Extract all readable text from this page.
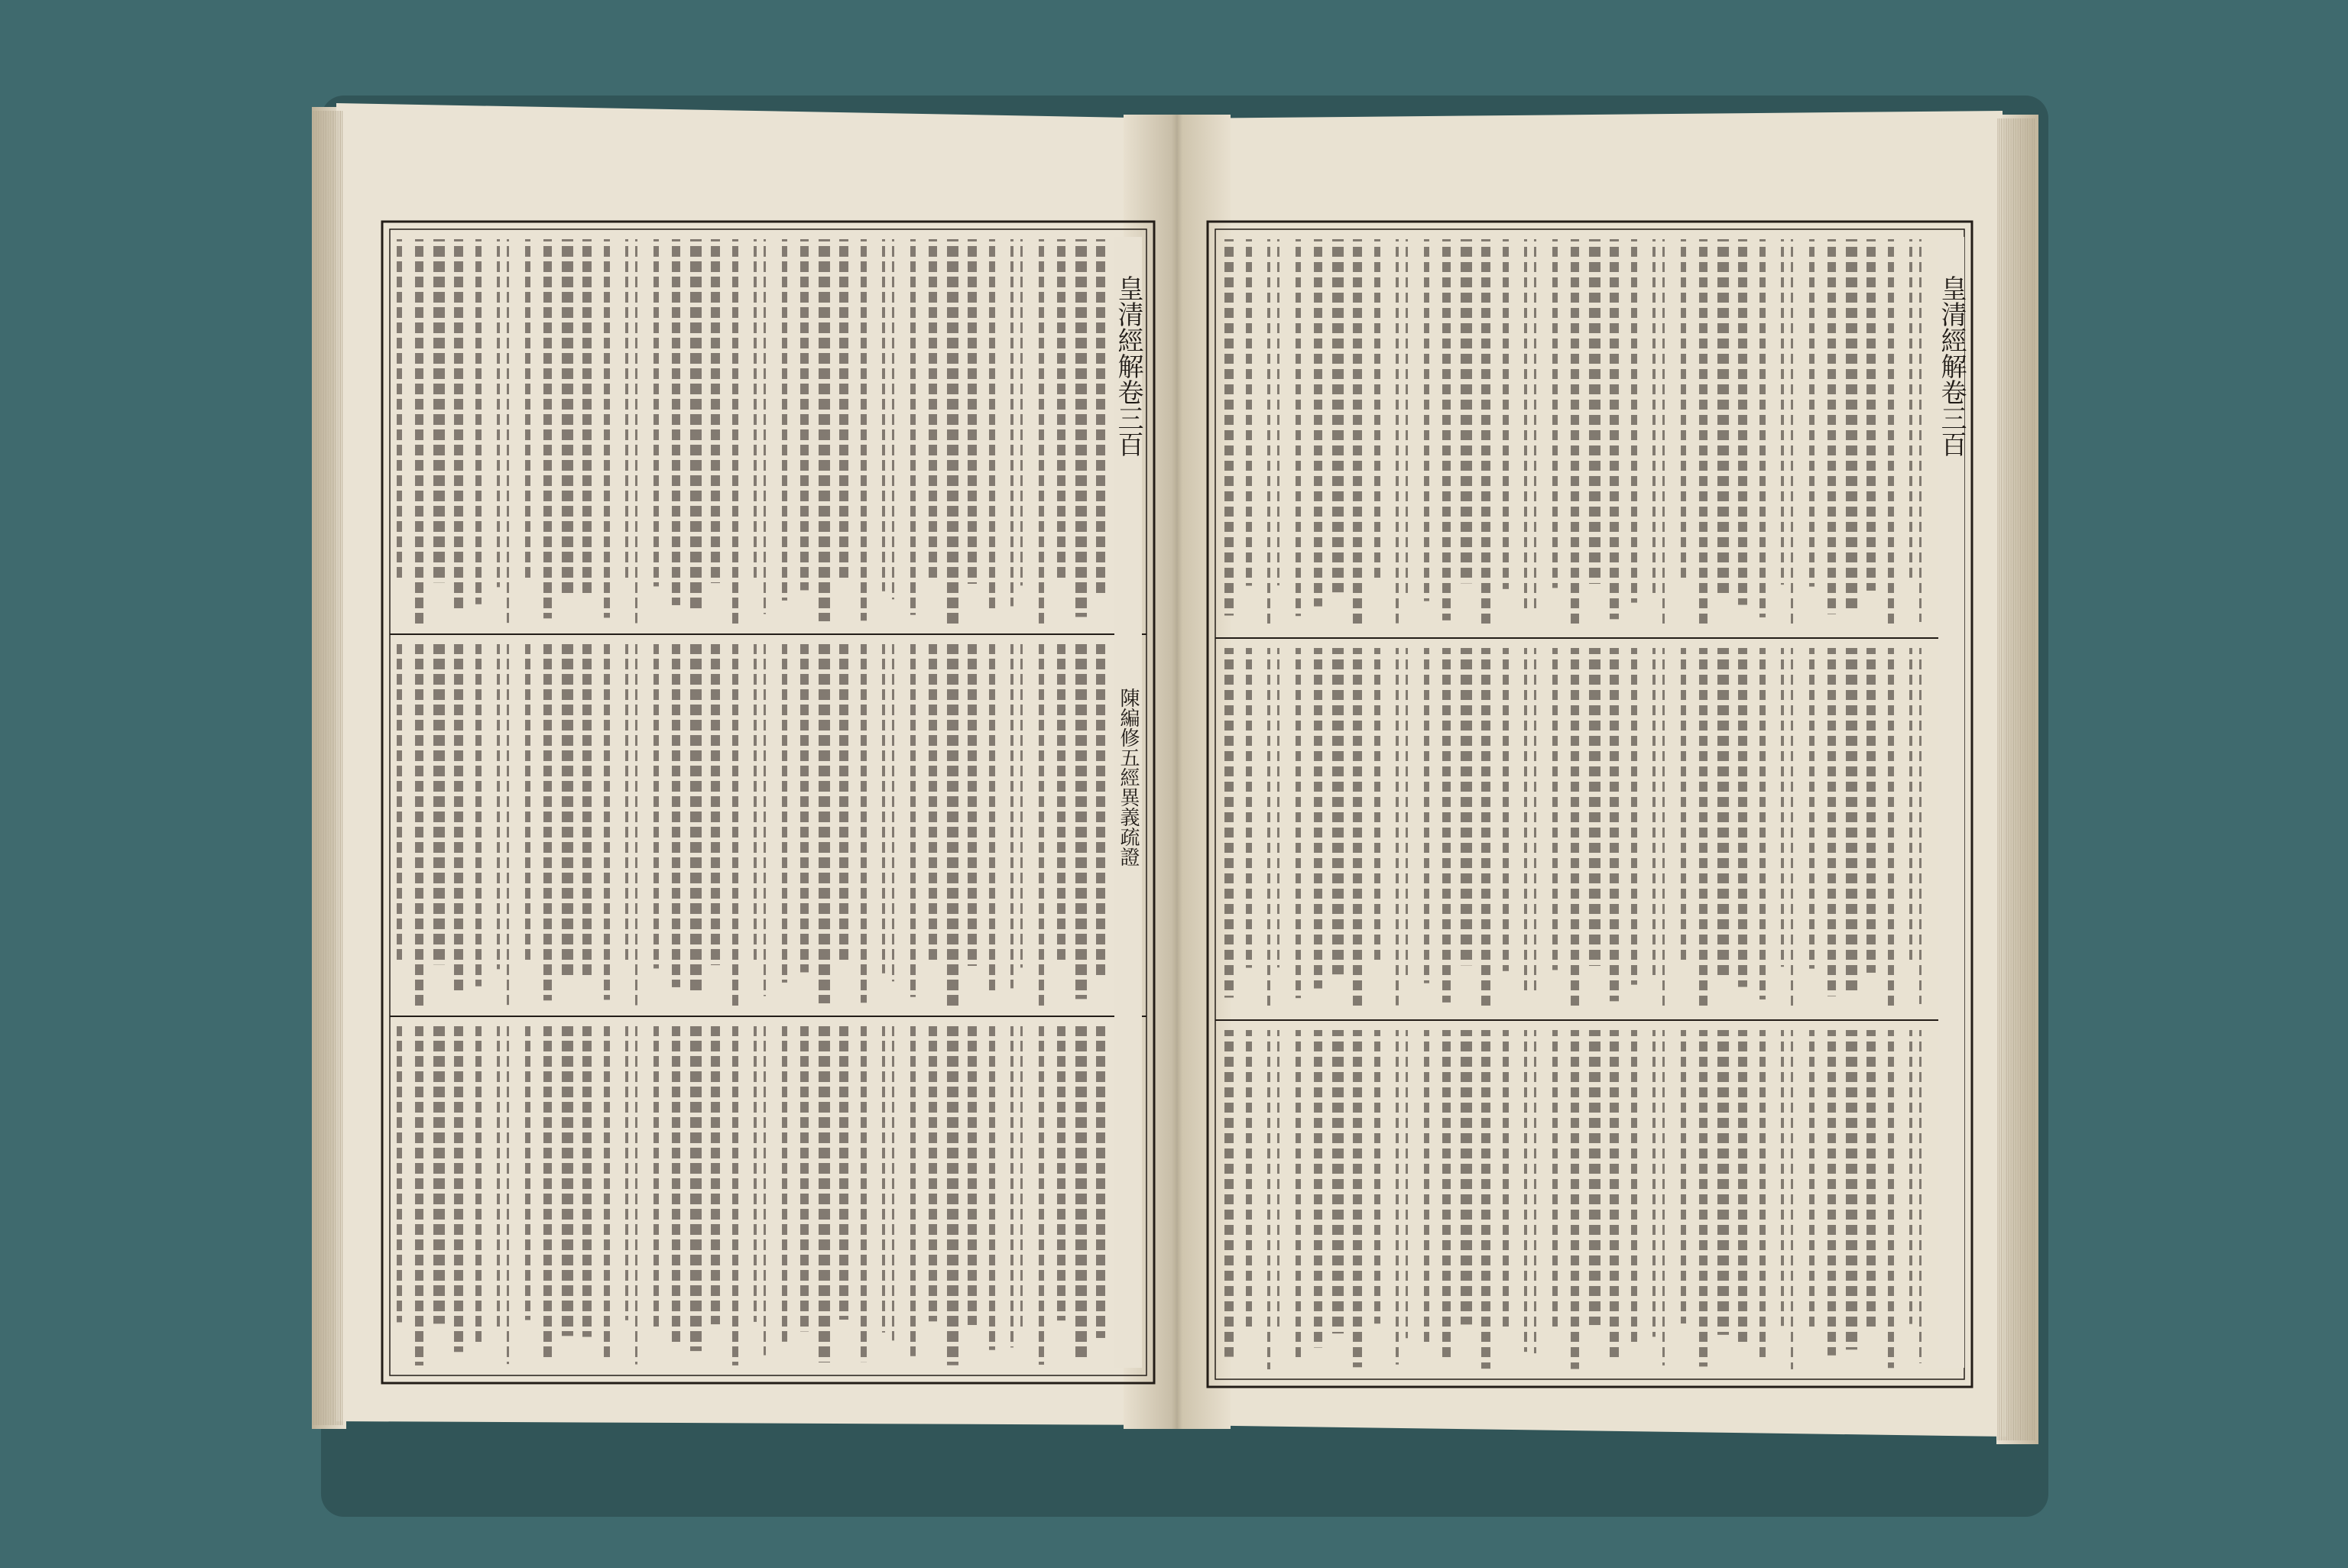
皇清經解卷三百
陳編修五經異義疏證
皇清經解卷三百
皇 三 陳 皇 三
